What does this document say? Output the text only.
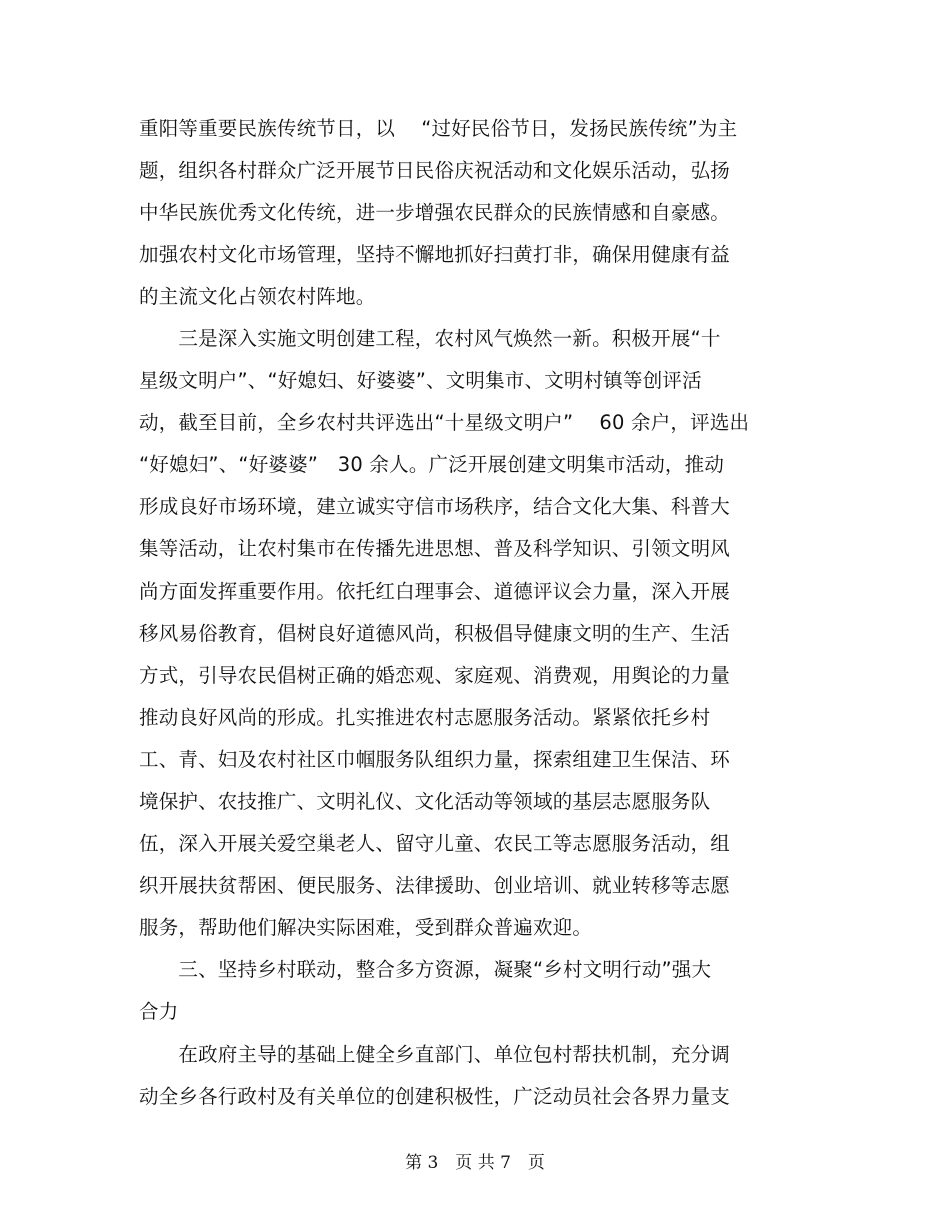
重阳等重要民族传统节日，以　 “过好民俗节日，发扬民族传统”为主
题，组织各村群众广泛开展节日民俗庆祝活动和文化娱乐活动，弘扬
中华民族优秀文化传统，进一步增强农民群众的民族情感和自豪感。
加强农村文化市场管理，坚持不懈地抓好扫黄打非，确保用健康有益
的主流文化占领农村阵地。
　　三是深入实施文明创建工程，农村风气焕然一新。积极开展“十
星级文明户”、“好媳妇、好婆婆”、文明集市、文明村镇等创评活
动，截至目前，全乡农村共评选出“十星级文明户”　 60 余户，评选出
“好媳妇”、“好婆婆”　30 余人。广泛开展创建文明集市活动，推动
形成良好市场环境，建立诚实守信市场秩序，结合文化大集、科普大
集等活动，让农村集市在传播先进思想、普及科学知识、引领文明风
尚方面发挥重要作用。依托红白理事会、道德评议会力量，深入开展
移风易俗教育，倡树良好道德风尚，积极倡导健康文明的生产、生活
方式，引导农民倡树正确的婚恋观、家庭观、消费观，用舆论的力量
推动良好风尚的形成。扎实推进农村志愿服务活动。紧紧依托乡村
工、青、妇及农村社区巾帼服务队组织力量，探索组建卫生保洁、环
境保护、农技推广、文明礼仪、文化活动等领域的基层志愿服务队
伍，深入开展关爱空巢老人、留守儿童、农民工等志愿服务活动，组
织开展扶贫帮困、便民服务、法律援助、创业培训、就业转移等志愿
服务，帮助他们解决实际困难，受到群众普遍欢迎。
　　三、坚持乡村联动，整合多方资源，凝聚“乡村文明行动”强大
合力
　　在政府主导的基础上健全乡直部门、单位包村帮扶机制，充分调
动全乡各行政村及有关单位的创建积极性，广泛动员社会各界力量支
第 3　页 共 7　页
